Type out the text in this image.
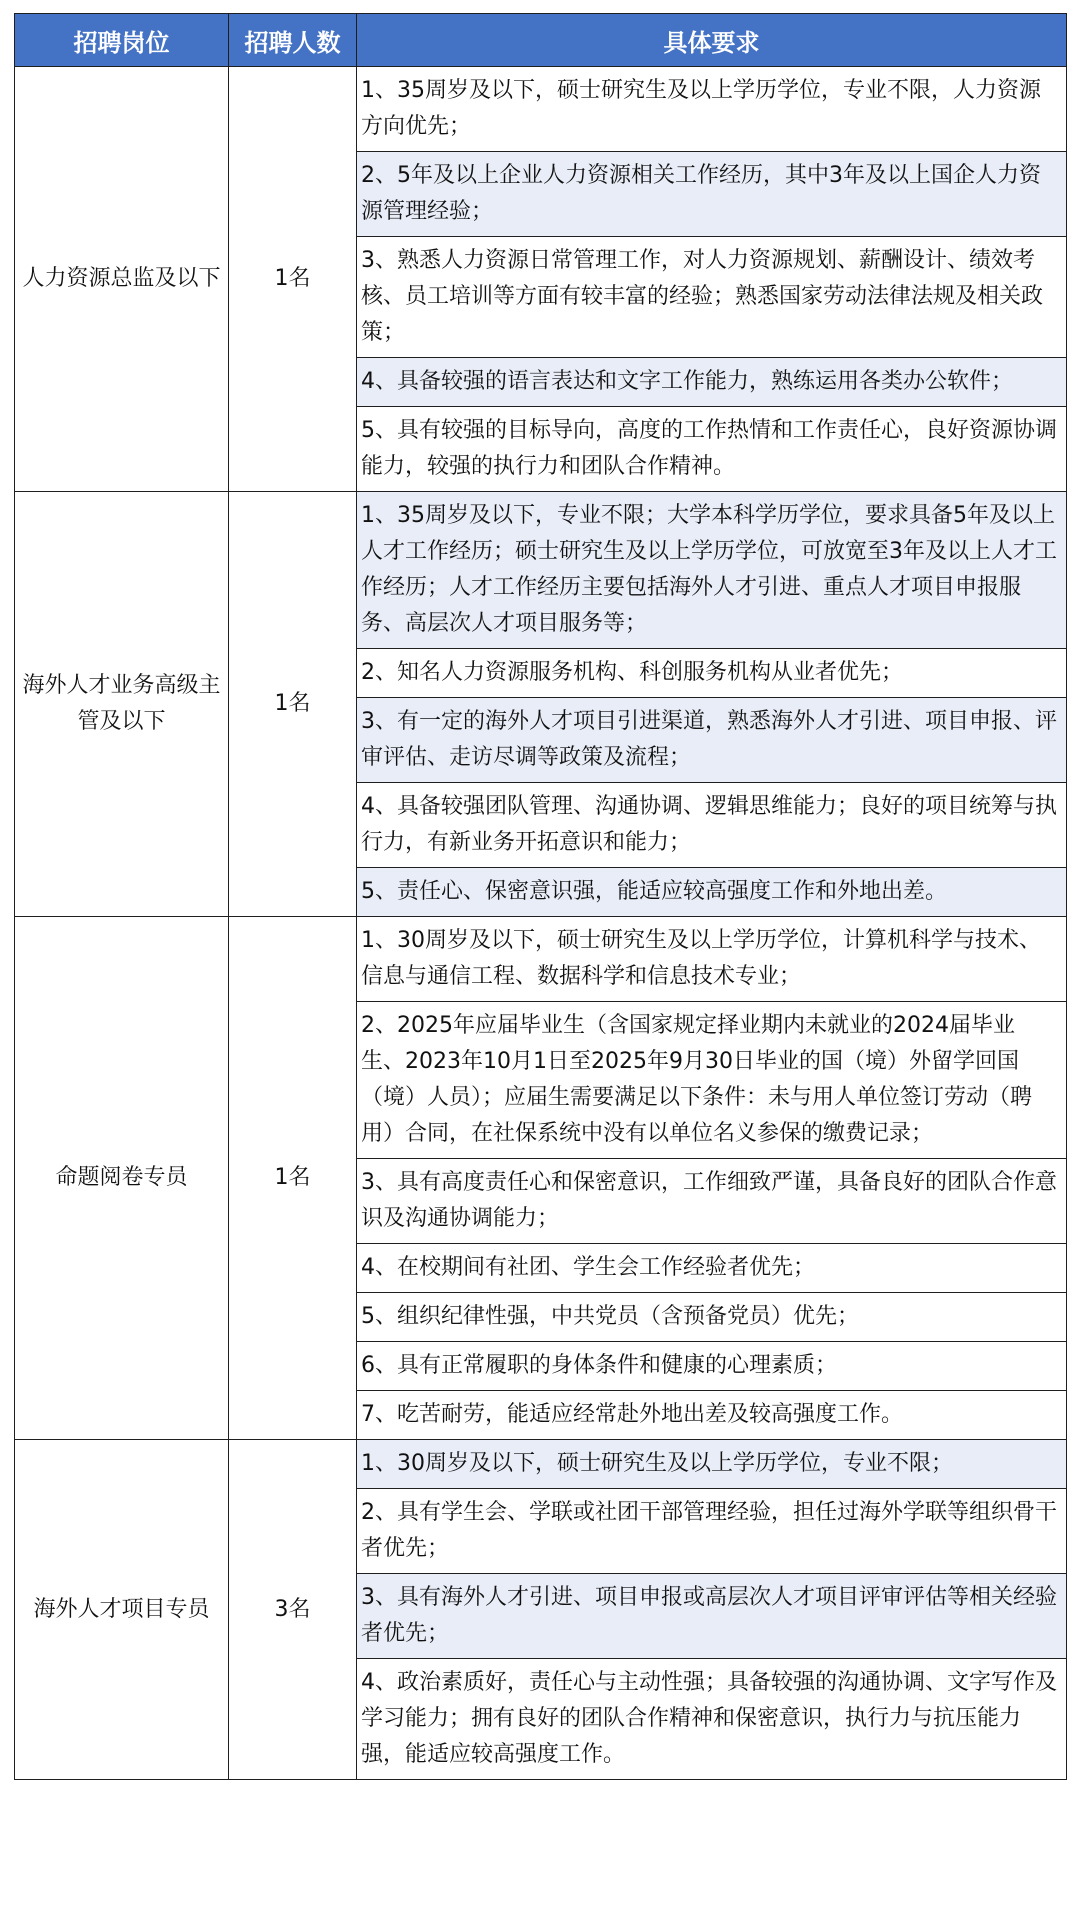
招聘岗位	招聘人数	具体要求
人力资源总监及以下	1名	1、35周岁及以下，硕士研究生及以上学历学位，专业不限，人力资源方向优先；
		2、5年及以上企业人力资源相关工作经历，其中3年及以上国企人力资源管理经验；
		3、熟悉人力资源日常管理工作，对人力资源规划、薪酬设计、绩效考核、员工培训等方面有较丰富的经验；熟悉国家劳动法律法规及相关政策；
		4、具备较强的语言表达和文字工作能力，熟练运用各类办公软件；
		5、具有较强的目标导向，高度的工作热情和工作责任心，良好资源协调能力，较强的执行力和团队合作精神。
海外人才业务高级主管及以下	1名	1、35周岁及以下，专业不限；大学本科学历学位，要求具备5年及以上人才工作经历；硕士研究生及以上学历学位，可放宽至3年及以上人才工作经历；人才工作经历主要包括海外人才引进、重点人才项目申报服务、高层次人才项目服务等；
		2、知名人力资源服务机构、科创服务机构从业者优先；
		3、有一定的海外人才项目引进渠道，熟悉海外人才引进、项目申报、评审评估、走访尽调等政策及流程；
		4、具备较强团队管理、沟通协调、逻辑思维能力；良好的项目统筹与执行力，有新业务开拓意识和能力；
		5、责任心、保密意识强，能适应较高强度工作和外地出差。
命题阅卷专员	1名	1、30周岁及以下，硕士研究生及以上学历学位，计算机科学与技术、信息与通信工程、数据科学和信息技术专业；
		2、2025年应届毕业生（含国家规定择业期内未就业的2024届毕业生、2023年10月1日至2025年9月30日毕业的国（境）外留学回国（境）人员）；应届生需要满足以下条件：未与用人单位签订劳动（聘用）合同，在社保系统中没有以单位名义参保的缴费记录；
		3、具有高度责任心和保密意识，工作细致严谨，具备良好的团队合作意识及沟通协调能力；
		4、在校期间有社团、学生会工作经验者优先；
		5、组织纪律性强，中共党员（含预备党员）优先；
		6、具有正常履职的身体条件和健康的心理素质；
		7、吃苦耐劳，能适应经常赴外地出差及较高强度工作。
海外人才项目专员	3名	1、30周岁及以下，硕士研究生及以上学历学位，专业不限；
		2、具有学生会、学联或社团干部管理经验，担任过海外学联等组织骨干者优先；
		3、具有海外人才引进、项目申报或高层次人才项目评审评估等相关经验者优先；
		4、政治素质好，责任心与主动性强；具备较强的沟通协调、文字写作及学习能力；拥有良好的团队合作精神和保密意识，执行力与抗压能力强，能适应较高强度工作。
